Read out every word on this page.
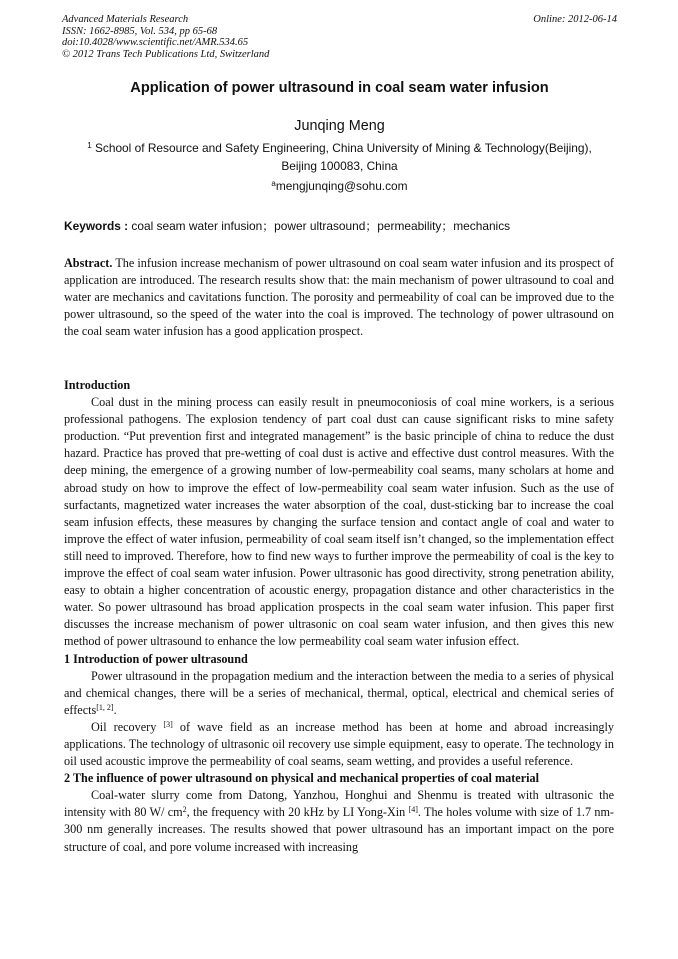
Advanced Materials Research
ISSN: 1662-8985, Vol. 534, pp 65-68
doi:10.4028/www.scientific.net/AMR.534.65
© 2012 Trans Tech Publications Ltd, Switzerland
Online: 2012-06-14
Application of power ultrasound in coal seam water infusion
Junqing Meng
$^1$ School of Resource and Safety Engineering, China University of Mining & Technology(Beijing),
Beijing 100083, China
$^a$mengjunqing@sohu.com
Keywords : coal seam water infusion；power ultrasound；permeability；mechanics

Abstract. The infusion increase mechanism of power ultrasound on coal seam water infusion and its prospect of application are introduced. The research results show that: the main mechanism of power ultrasound to coal and water are mechanics and cavitations function. The porosity and permeability of coal can be improved due to the power ultrasound, so the speed of the water into the coal is improved. The technology of power ultrasound on the coal seam water infusion has a good application prospect.

Introduction

Coal dust in the mining process can easily result in pneumoconiosis of coal mine workers, is a serious professional pathogens. The explosion tendency of part coal dust can cause significant risks to mine safety production. “Put prevention first and integrated management” is the basic principle of china to reduce the dust hazard. Practice has proved that pre-wetting of coal dust is active and effective dust control measures. With the deep mining, the emergence of a growing number of low-permeability coal seams, many scholars at home and abroad study on how to improve the effect of low-permeability coal seam water infusion. Such as the use of surfactants, magnetized water increases the water absorption of the coal, dust-sticking bar to increase the coal seam infusion effects, these measures by changing the surface tension and contact angle of coal and water to improve the effect of water infusion, permeability of coal seam itself isn’t changed, so the implementation effect still need to improved. Therefore, how to find new ways to further improve the permeability of coal is the key to improve the effect of coal seam water infusion. Power ultrasonic has good directivity, strong penetration ability, easy to obtain a higher concentration of acoustic energy, propagation distance and other characteristics in the water. So power ultrasound has broad application prospects in the coal seam water infusion. This paper first discusses the increase mechanism of power ultrasonic on coal seam water infusion, and then gives this new method of power ultrasound to enhance the low permeability coal seam water infusion effect.

1 Introduction of power ultrasound

Power ultrasound in the propagation medium and the interaction between the media to a series of physical and chemical changes, there will be a series of mechanical, thermal, optical, electrical and chemical series of effects[1, 2].

Oil recovery [3] of wave field as an increase method has been at home and abroad increasingly applications. The technology of ultrasonic oil recovery use simple equipment, easy to operate. The technology in oil used acoustic improve the permeability of coal seams, seam wetting, and provides a useful reference.

2 The influence of power ultrasound on physical and mechanical properties of coal material

Coal-water slurry come from Datong, Yanzhou, Honghui and Shenmu is treated with ultrasonic the intensity with 80 W/ $cm^2$, the frequency with 20 kHz by LI Yong-Xin [4]. The holes volume with size of 1.7 nm-300 nm generally increases. The results showed that power ultrasound has an important impact on the pore structure of coal, and pore volume increased with increasing
